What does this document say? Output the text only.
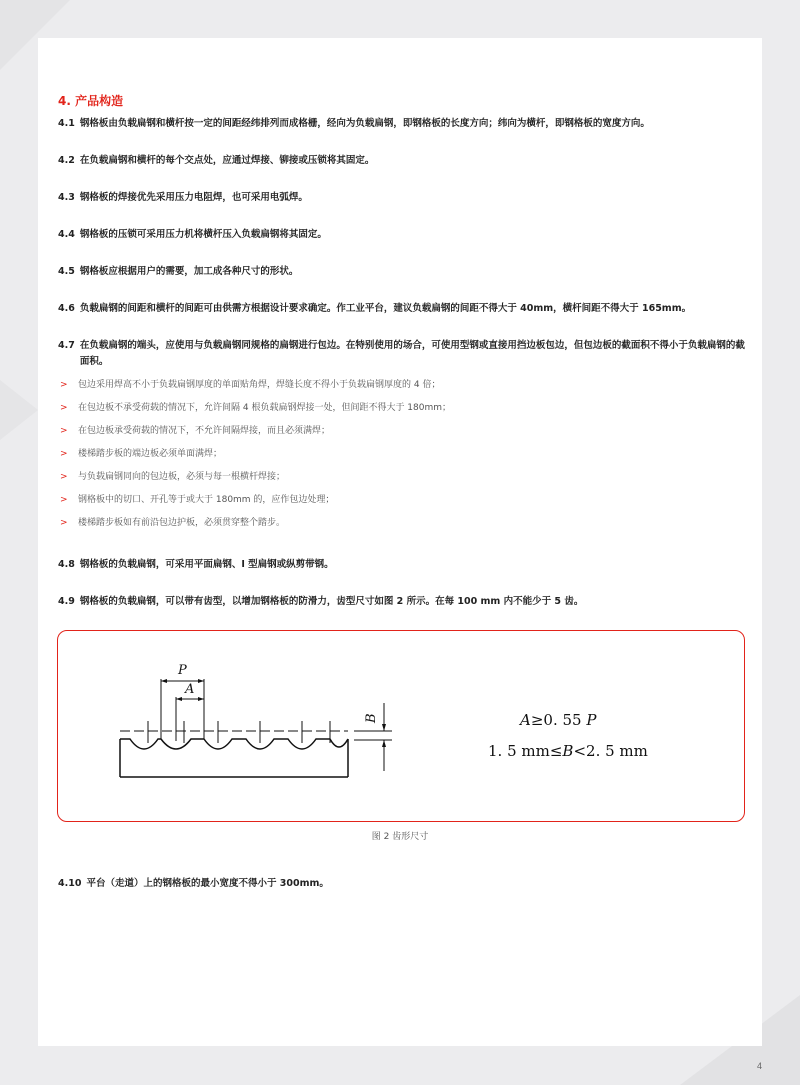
4. 产品构造
4.1 钢格板由负载扁钢和横杆按一定的间距经纬排列而成格栅，经向为负载扁钢，即钢格板的长度方向；纬向为横杆，即钢格板的宽度方向。
4.2 在负载扁钢和横杆的每个交点处，应通过焊接、铆接或压锁将其固定。
4.3 钢格板的焊接优先采用压力电阻焊，也可采用电弧焊。
4.4 钢格板的压锁可采用压力机将横杆压入负载扁钢将其固定。
4.5 钢格板应根据用户的需要，加工成各种尺寸的形状。
4.6 负载扁钢的间距和横杆的间距可由供需方根据设计要求确定。作工业平台，建议负载扁钢的间距不得大于 40mm，横杆间距不得大于 165mm。
4.7 在负载扁钢的端头，应使用与负载扁钢同规格的扁钢进行包边。在特别使用的场合，可使用型钢或直接用挡边板包边，但包边板的截面积不得小于负载扁钢的截面积。
>	包边采用焊高不小于负载扁钢厚度的单面贴角焊，焊缝长度不得小于负载扁钢厚度的 4 倍；
>	在包边板不承受荷载的情况下，允许间隔 4 根负载扁钢焊接一处，但间距不得大于 180mm；
>	在包边板承受荷载的情况下，不允许间隔焊接，而且必须满焊；
>	楼梯踏步板的端边板必须单面满焊；
>	与负载扁钢同向的包边板，必须与每一根横杆焊接；
>	钢格板中的切口、开孔等于或大于 180mm 的，应作包边处理；
>	楼梯踏步板如有前沿包边护板，必须贯穿整个踏步。
4.8 钢格板的负载扁钢，可采用平面扁钢、I 型扁钢或纵剪带钢。
4.9 钢格板的负载扁钢，可以带有齿型，以增加钢格板的防滑力，齿型尺寸如图 2 所示。在每 100 mm 内不能少于 5 齿。
P
A
B	A≥0. 55 P
1. 5 mm≤B<2. 5 mm
图 2 齿形尺寸
4.10 平台（走道）上的钢格板的最小宽度不得小于 300mm。
4
